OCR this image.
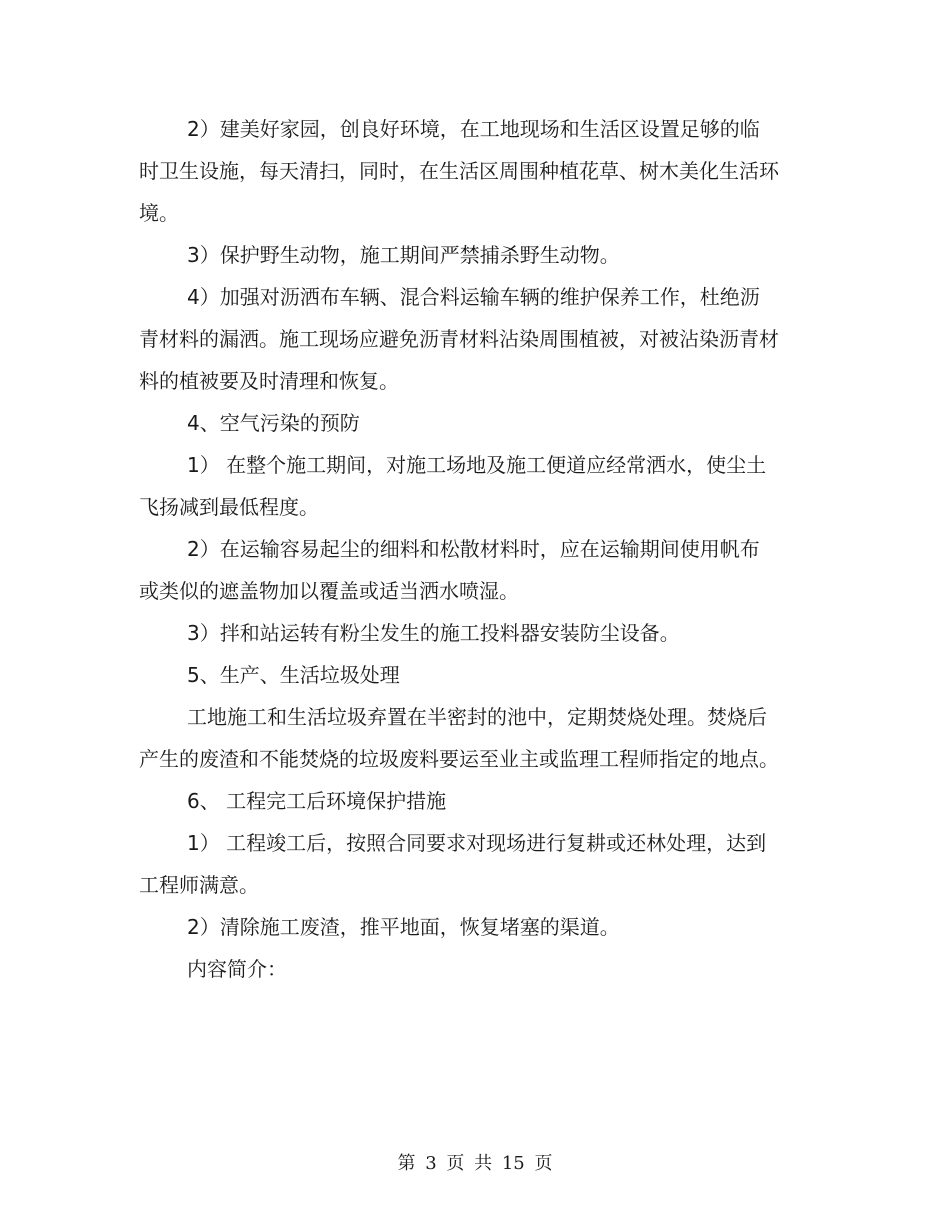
2）建美好家园，创良好环境，在工地现场和生活区设置足够的临时卫生设施，每天清扫，同时，在生活区周围种植花草、树木美化生活环境。

3）保护野生动物，施工期间严禁捕杀野生动物。

4）加强对沥洒布车辆、混合料运输车辆的维护保养工作，杜绝沥青材料的漏洒。施工现场应避免沥青材料沾染周围植被，对被沾染沥青材料的植被要及时清理和恢复。

4、空气污染的预防

1） 在整个施工期间，对施工场地及施工便道应经常洒水，使尘土飞扬减到最低程度。

2）在运输容易起尘的细料和松散材料时，应在运输期间使用帆布或类似的遮盖物加以覆盖或适当洒水喷湿。

3）拌和站运转有粉尘发生的施工投料器安装防尘设备。

5、生产、生活垃圾处理

工地施工和生活垃圾弃置在半密封的池中，定期焚烧处理。焚烧后产生的废渣和不能焚烧的垃圾废料要运至业主或监理工程师指定的地点。

6、 工程完工后环境保护措施

1） 工程竣工后，按照合同要求对现场进行复耕或还林处理，达到工程师满意。

2）清除施工废渣，推平地面，恢复堵塞的渠道。

内容简介：

第 3 页 共 15 页
